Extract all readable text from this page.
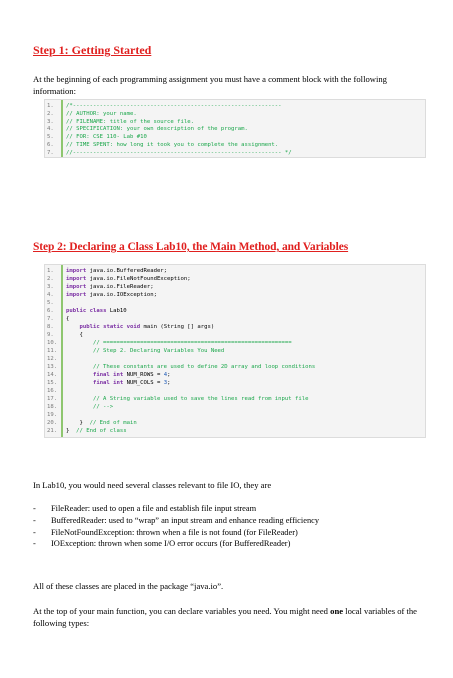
Step 1: Getting Started
At the beginning of each programming assignment you must have a comment block with the following information:
1. /*--------------------------------------------------------------
2. // AUTHOR: your name.
3. // FILENAME: title of the source file.
4. // SPECIFICATION: your own description of the program.
5. // FOR: CSE 110- Lab #10
6. // TIME SPENT: how long it took you to complete the assignment.
7. //-------------------------------------------------------------- */
Step 2: Declaring a Class Lab10, the Main Method, and Variables
1. import java.io.BufferedReader;
2. import java.io.FileNotFoundException;
3. import java.io.FileReader;
4. import java.io.IOException;
5.
6. public class Lab10
7. {
8.	public static void main (String [] args)
9.    {
10.	// ========================================================
11.	// Step 2. Declaring Variables You Need
12.
13.	// These constants are used to define 2D array and loop conditions
14.	final int NUM_ROWS = 4;
15.	final int NUM_COLS = 3;
16.
17.	// A String variable used to save the lines read from input file
18.	// -->
19.
20.    }  // End of main
21. }  // End of class
In Lab10, you would need several classes relevant to file IO, they are
- FileReader: used to open a file and establish file input stream
- BufferedReader: used to “wrap” an input stream and enhance reading efficiency
- FileNotFoundException: thrown when a file is not found (for FileReader)
- IOException: thrown when some I/O error occurs (for BufferedReader)
All of these classes are placed in the package “java.io”.
At the top of your main function, you can declare variables you need. You might need one local variables of the following types:
